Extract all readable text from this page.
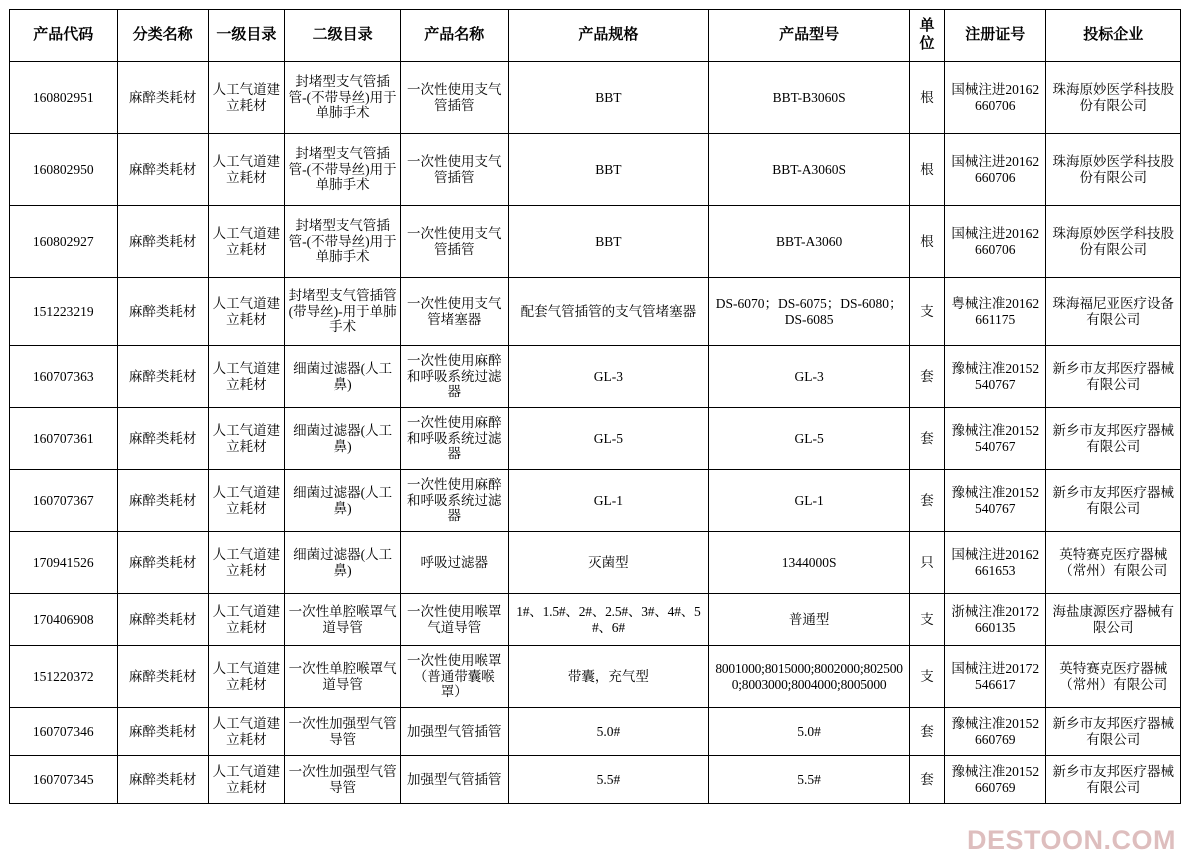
产品代码	分类名称	一级目录	二级目录	产品名称	产品规格	产品型号	单位	注册证号	投标企业
160802951	麻醉类耗材	人工气道建立耗材	封堵型支气管插管-(不带导丝)用于单肺手术	一次性使用支气管插管	BBT	BBT-B3060S	根	国械注进20162660706	珠海原妙医学科技股份有限公司
160802950	麻醉类耗材	人工气道建立耗材	封堵型支气管插管-(不带导丝)用于单肺手术	一次性使用支气管插管	BBT	BBT-A3060S	根	国械注进20162660706	珠海原妙医学科技股份有限公司
160802927	麻醉类耗材	人工气道建立耗材	封堵型支气管插管-(不带导丝)用于单肺手术	一次性使用支气管插管	BBT	BBT-A3060	根	国械注进20162660706	珠海原妙医学科技股份有限公司
151223219	麻醉类耗材	人工气道建立耗材	封堵型支气管插管(带导丝)-用于单肺手术	一次性使用支气管堵塞器	配套气管插管的支气管堵塞器	DS-6070；DS-6075；DS-6080；DS-6085	支	粤械注准20162661175	珠海福尼亚医疗设备有限公司
160707363	麻醉类耗材	人工气道建立耗材	细菌过滤器(人工鼻)	一次性使用麻醉和呼吸系统过滤器	GL-3	GL-3	套	豫械注准20152540767	新乡市友邦医疗器械有限公司
160707361	麻醉类耗材	人工气道建立耗材	细菌过滤器(人工鼻)	一次性使用麻醉和呼吸系统过滤器	GL-5	GL-5	套	豫械注准20152540767	新乡市友邦医疗器械有限公司
160707367	麻醉类耗材	人工气道建立耗材	细菌过滤器(人工鼻)	一次性使用麻醉和呼吸系统过滤器	GL-1	GL-1	套	豫械注准20152540767	新乡市友邦医疗器械有限公司
170941526	麻醉类耗材	人工气道建立耗材	细菌过滤器(人工鼻)	呼吸过滤器	灭菌型	1344000S	只	国械注进20162661653	英特赛克医疗器械（常州）有限公司
170406908	麻醉类耗材	人工气道建立耗材	一次性单腔喉罩气道导管	一次性使用喉罩气道导管	1#、1.5#、2#、2.5#、3#、4#、5#、6#	普通型	支	浙械注准20172660135	海盐康源医疗器械有限公司
151220372	麻醉类耗材	人工气道建立耗材	一次性单腔喉罩气道导管	一次性使用喉罩（普通带囊喉罩）	带囊，充气型	8001000;8015000;8002000;8025000;8003000;8004000;8005000	支	国械注进20172546617	英特赛克医疗器械（常州）有限公司
160707346	麻醉类耗材	人工气道建立耗材	一次性加强型气管导管	加强型气管插管	5.0#	5.0#	套	豫械注准20152660769	新乡市友邦医疗器械有限公司
160707345	麻醉类耗材	人工气道建立耗材	一次性加强型气管导管	加强型气管插管	5.5#	5.5#	套	豫械注准20152660769	新乡市友邦医疗器械有限公司
DESTOON.COM
